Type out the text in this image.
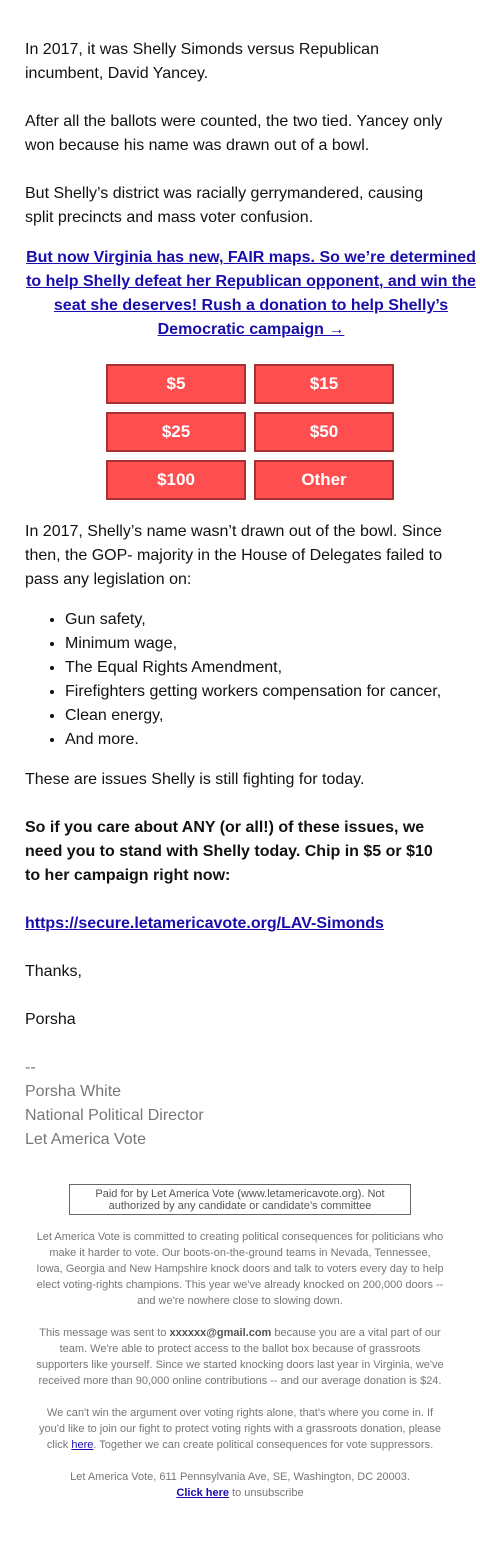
In 2017, it was Shelly Simonds versus Republican incumbent, David Yancey.

After all the ballots were counted, the two tied. Yancey only won because his name was drawn out of a bowl.

But Shelly’s district was racially gerrymandered, causing split precincts and mass voter confusion.

But now Virginia has new, FAIR maps. So we’re determined to help Shelly defeat her Republican opponent, and win the seat she deserves! Rush a donation to help Shelly’s Democratic campaign →
$5	$15
$25	$50
$100	Other

In 2017, Shelly’s name wasn’t drawn out of the bowl. Since then, the GOP- majority in the House of Delegates failed to pass any legislation on:

• Gun safety,
• Minimum wage,
• The Equal Rights Amendment,
• Firefighters getting workers compensation for cancer,
• Clean energy,
• And more.

These are issues Shelly is still fighting for today.

So if you care about ANY (or all!) of these issues, we need you to stand with Shelly today. Chip in $5 or $10 to her campaign right now:

https://secure.letamericavote.org/LAV-Simonds

Thanks,

Porsha

--
Porsha White
National Political Director
Let America Vote
Paid for by Let America Vote (www.letamericavote.org). Not authorized by any candidate or candidate’s committee
Let America Vote is committed to creating political consequences for politicians who make it harder to vote. Our boots-on-the-ground teams in Nevada, Tennessee, Iowa, Georgia and New Hampshire knock doors and talk to voters every day to help elect voting-rights champions. This year we've already knocked on 200,000 doors -- and we're nowhere close to slowing down.
This message was sent to xxxxxx@gmail.com because you are a vital part of our team. We're able to protect access to the ballot box because of grassroots supporters like yourself. Since we started knocking doors last year in Virginia, we've received more than 90,000 online contributions -- and our average donation is $24.
We can't win the argument over voting rights alone, that's where you come in. If you'd like to join our fight to protect voting rights with a grassroots donation, please click here. Together we can create political consequences for vote suppressors.
Let America Vote, 611 Pennsylvania Ave, SE, Washington, DC 20003.
Click here to unsubscribe
